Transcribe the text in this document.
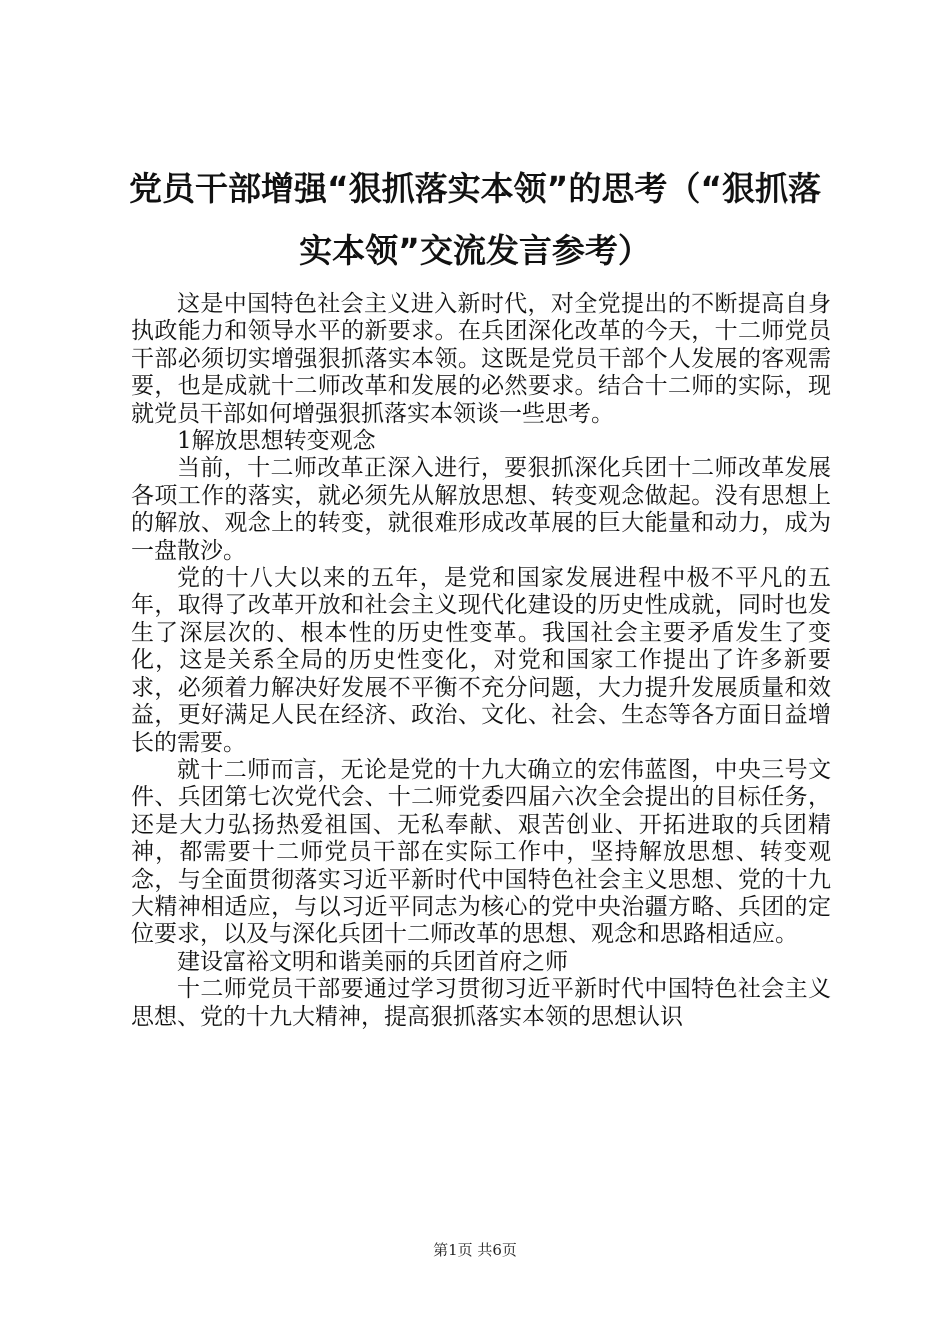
党员干部增强“狠抓落实本领”的思考（“狠抓落实本领”交流发言参考）

这是中国特色社会主义进入新时代，对全党提出的不断提高自身执政能力和领导水平的新要求。在兵团深化改革的今天，十二师党员干部必须切实增强狠抓落实本领。这既是党员干部个人发展的客观需要，也是成就十二师改革和发展的必然要求。结合十二师的实际，现就党员干部如何增强狠抓落实本领谈一些思考。

1解放思想转变观念

当前，十二师改革正深入进行，要狠抓深化兵团十二师改革发展各项工作的落实，就必须先从解放思想、转变观念做起。没有思想上的解放、观念上的转变，就很难形成改革展的巨大能量和动力，成为一盘散沙。

党的十八大以来的五年，是党和国家发展进程中极不平凡的五年，取得了改革开放和社会主义现代化建设的历史性成就，同时也发生了深层次的、根本性的历史性变革。我国社会主要矛盾发生了变化，这是关系全局的历史性变化，对党和国家工作提出了许多新要求，必须着力解决好发展不平衡不充分问题，大力提升发展质量和效益，更好满足人民在经济、政治、文化、社会、生态等各方面日益增长的需要。

就十二师而言，无论是党的十九大确立的宏伟蓝图，中央三号文件、兵团第七次党代会、十二师党委四届六次全会提出的目标任务，还是大力弘扬热爱祖国、无私奉献、艰苦创业、开拓进取的兵团精神，都需要十二师党员干部在实际工作中，坚持解放思想、转变观念，与全面贯彻落实习近平新时代中国特色社会主义思想、党的十九大精神相适应，与以习近平同志为核心的党中央治疆方略、兵团的定位要求，以及与深化兵团十二师改革的思想、观念和思路相适应。

建设富裕文明和谐美丽的兵团首府之师

十二师党员干部要通过学习贯彻习近平新时代中国特色社会主义思想、党的十九大精神，提高狠抓落实本领的思想认识

第1页 共6页
